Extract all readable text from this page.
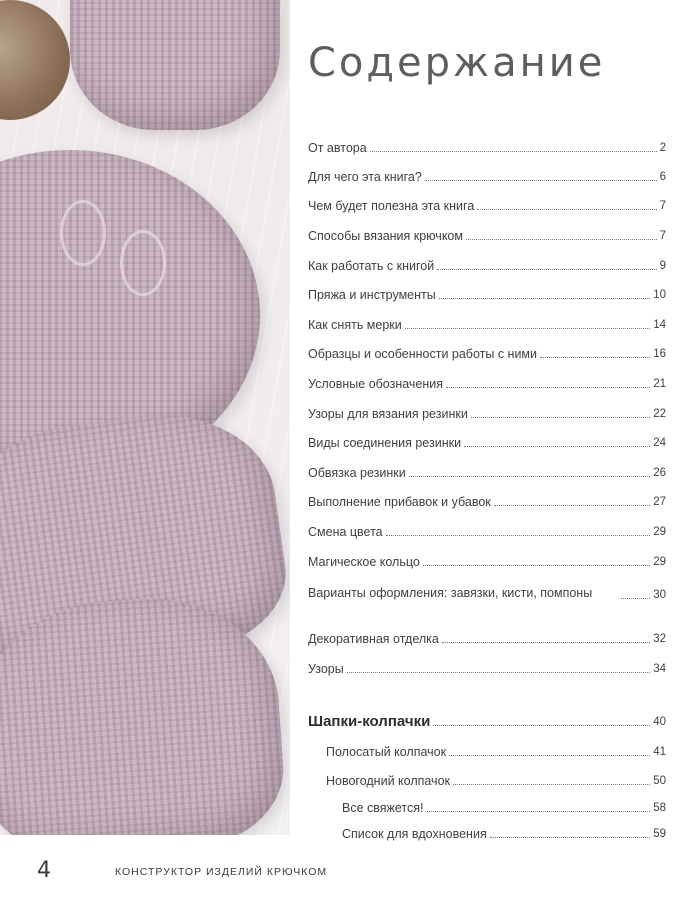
Содержание
От автора	2
Для чего эта книга?	6
Чем будет полезна эта книга	7
Способы вязания крючком	7
Как работать с книгой	9
Пряжа и инструменты	10
Как снять мерки	14
Образцы и особенности работы с ними	16
Условные обозначения	21
Узоры для вязания резинки	22
Виды соединения резинки	24
Обвязка резинки	26
Выполнение прибавок и убавок	27
Смена цвета	29
Магическое кольцо	29
Варианты оформления: завязки, кисти, помпоны	30
Декоративная отделка	32
Узоры	34
Шапки-колпачки	40
Полосатый колпачок	41
Новогодний колпачок	50
Все свяжется!	58
Список для вдохновения	59
4	КОНСТРУКТОР ИЗДЕЛИЙ КРЮЧКОМ
